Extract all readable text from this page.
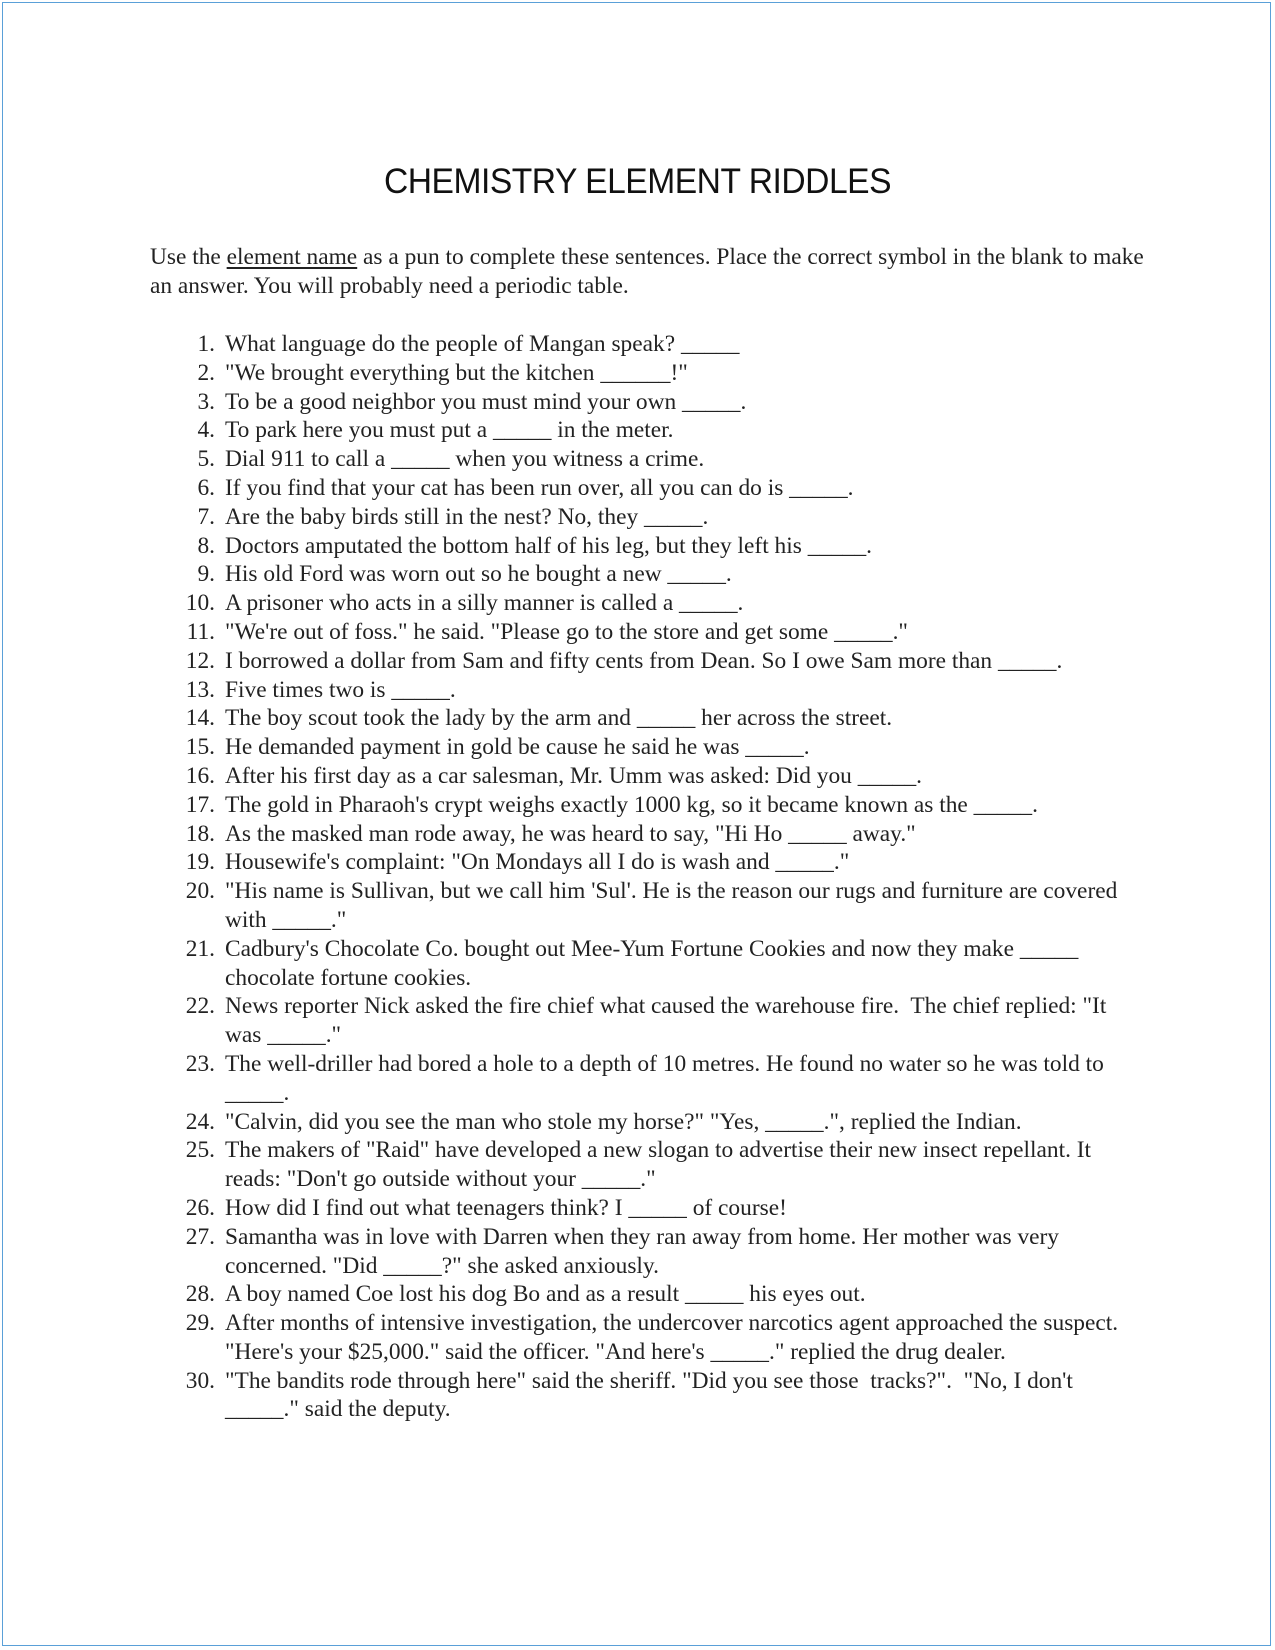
CHEMISTRY ELEMENT RIDDLES
Use the element name as a pun to complete these sentences. Place the correct symbol in the blank to make an answer. You will probably need a periodic table.
1. What language do the people of Mangan speak? _____
2. "We brought everything but the kitchen ______!"
3. To be a good neighbor you must mind your own _____.
4. To park here you must put a _____ in the meter.
5. Dial 911 to call a _____ when you witness a crime.
6. If you find that your cat has been run over, all you can do is _____.
7. Are the baby birds still in the nest? No, they _____.
8. Doctors amputated the bottom half of his leg, but they left his _____.
9. His old Ford was worn out so he bought a new _____.
10. A prisoner who acts in a silly manner is called a _____.
11. "We're out of foss." he said. "Please go to the store and get some _____."
12. I borrowed a dollar from Sam and fifty cents from Dean. So I owe Sam more than _____.
13. Five times two is _____.
14. The boy scout took the lady by the arm and _____ her across the street.
15. He demanded payment in gold be cause he said he was _____.
16. After his first day as a car salesman, Mr. Umm was asked: Did you _____.
17. The gold in Pharaoh's crypt weighs exactly 1000 kg, so it became known as the _____.
18. As the masked man rode away, he was heard to say, "Hi Ho _____ away."
19. Housewife's complaint: "On Mondays all I do is wash and _____."
20. "His name is Sullivan, but we call him 'Sul'. He is the reason our rugs and furniture are covered with _____."
21. Cadbury's Chocolate Co. bought out Mee-Yum Fortune Cookies and now they make _____ chocolate fortune cookies.
22. News reporter Nick asked the fire chief what caused the warehouse fire.  The chief replied: "It was _____."
23. The well-driller had bored a hole to a depth of 10 metres. He found no water so he was told to _____.
24. "Calvin, did you see the man who stole my horse?" "Yes, _____.", replied the Indian.
25. The makers of "Raid" have developed a new slogan to advertise their new insect repellant. It reads: "Don't go outside without your _____."
26. How did I find out what teenagers think? I _____ of course!
27. Samantha was in love with Darren when they ran away from home. Her mother was very concerned. "Did _____?" she asked anxiously.
28. A boy named Coe lost his dog Bo and as a result _____ his eyes out.
29. After months of intensive investigation, the undercover narcotics agent approached the suspect. "Here's your $25,000." said the officer. "And here's _____." replied the drug dealer.
30. "The bandits rode through here" said the sheriff. "Did you see those  tracks?".  "No, I don't _____." said the deputy.
